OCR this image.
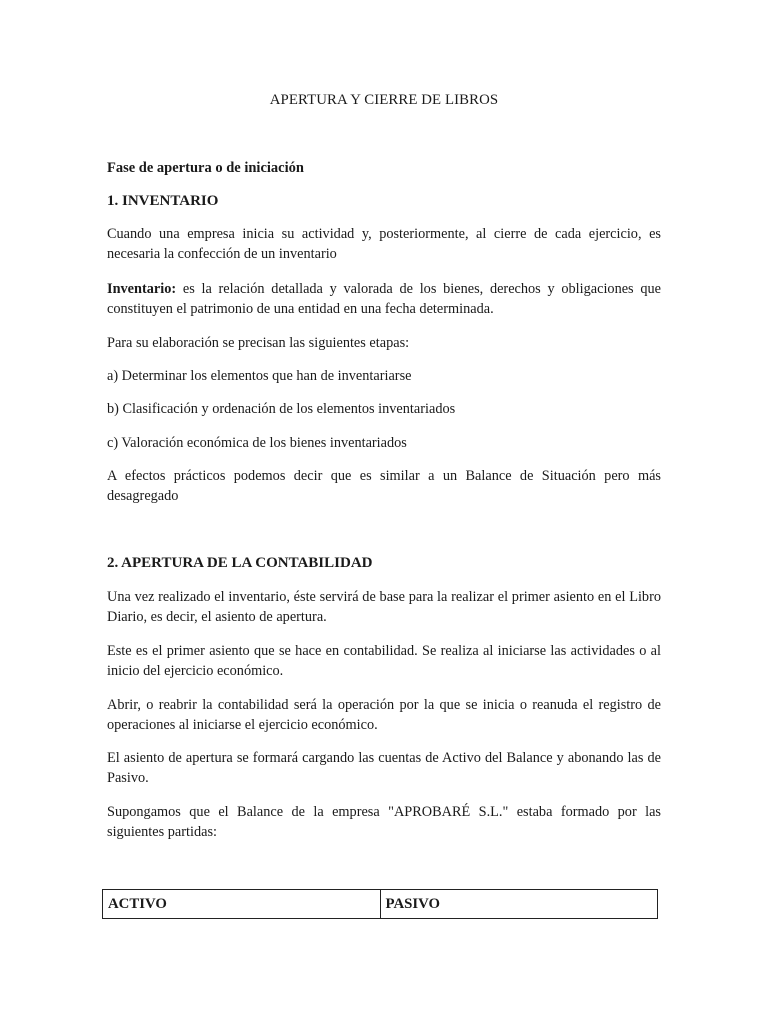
APERTURA Y CIERRE DE LIBROS
Fase de apertura o de iniciación
1. INVENTARIO
Cuando una empresa inicia su actividad y, posteriormente, al cierre de cada ejercicio, es necesaria la confección de un inventario
Inventario: es la relación detallada y valorada de los bienes, derechos y obligaciones que constituyen el patrimonio de una entidad en una fecha determinada.
Para su elaboración se precisan las siguientes etapas:
a) Determinar los elementos que han de inventariarse
b) Clasificación y ordenación de los elementos inventariados
c) Valoración económica de los bienes inventariados
A efectos prácticos podemos decir que es similar a un Balance de Situación pero más desagregado
2. APERTURA DE LA CONTABILIDAD
Una vez realizado el inventario, éste servirá de base para la realizar el primer asiento en el Libro Diario, es decir, el asiento de apertura.
Este es el primer asiento que se hace en contabilidad. Se realiza al iniciarse las actividades o al inicio del ejercicio económico.
Abrir, o reabrir la contabilidad será la operación por la que se inicia o reanuda el registro de operaciones al iniciarse el ejercicio económico.
El asiento de apertura se formará cargando las cuentas de Activo del Balance y abonando las de Pasivo.
Supongamos que el Balance de la empresa "APROBARÉ S.L." estaba formado por las siguientes partidas:
ACTIVO	PASIVO
